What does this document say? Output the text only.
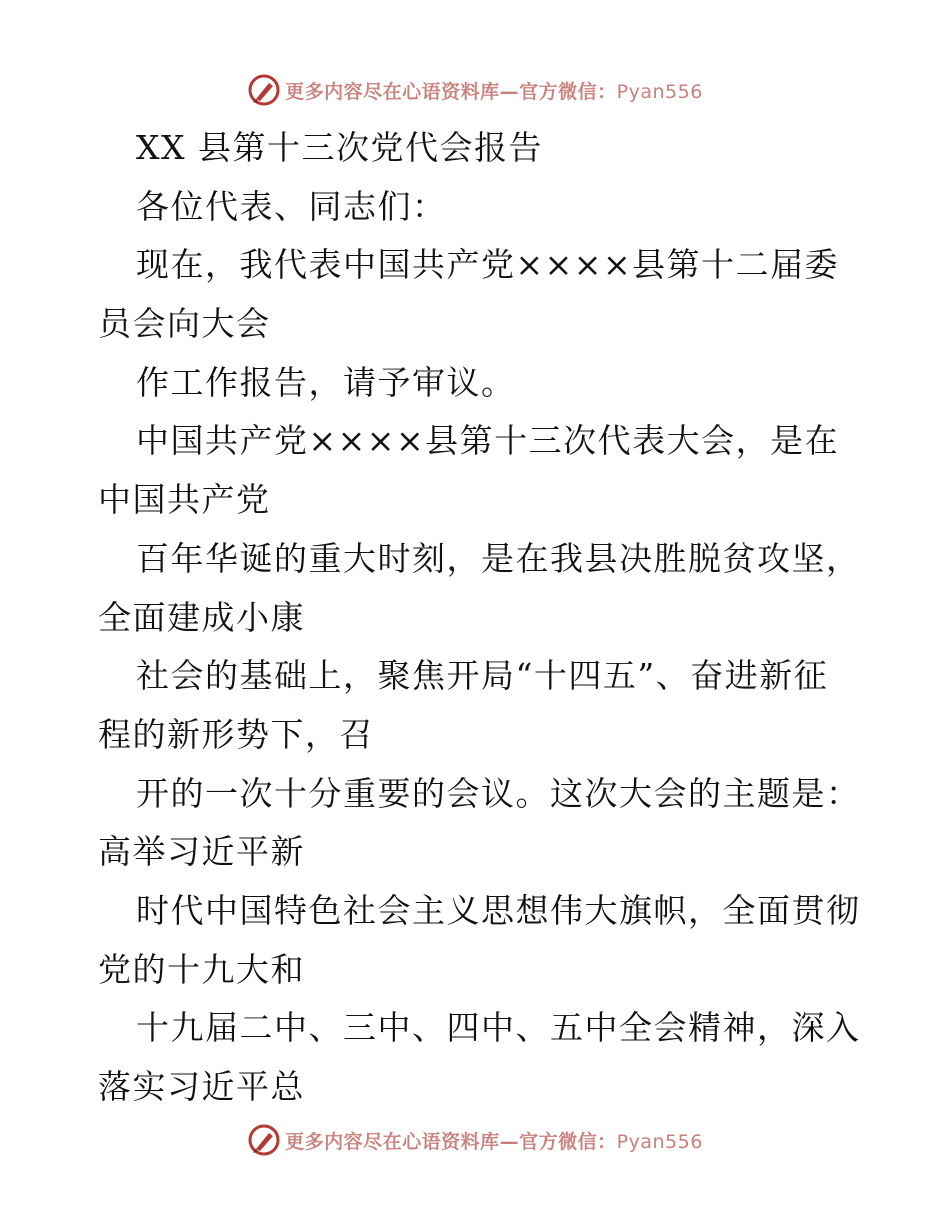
更多内容尽在心语资料库—官方微信：Pyan556
XX 县第十三次党代会报告
各位代表、同志们：
现在，我代表中国共产党××××县第十二届委
员会向大会
作工作报告，请予审议。
中国共产党××××县第十三次代表大会，是在
中国共产党
百年华诞的重大时刻，是在我县决胜脱贫攻坚，
全面建成小康
社会的基础上，聚焦开局“十四五”、奋进新征
程的新形势下，召
开的一次十分重要的会议。这次大会的主题是：
高举习近平新
时代中国特色社会主义思想伟大旗帜，全面贯彻
党的十九大和
十九届二中、三中、四中、五中全会精神，深入
落实习近平总
更多内容尽在心语资料库—官方微信：Pyan556
